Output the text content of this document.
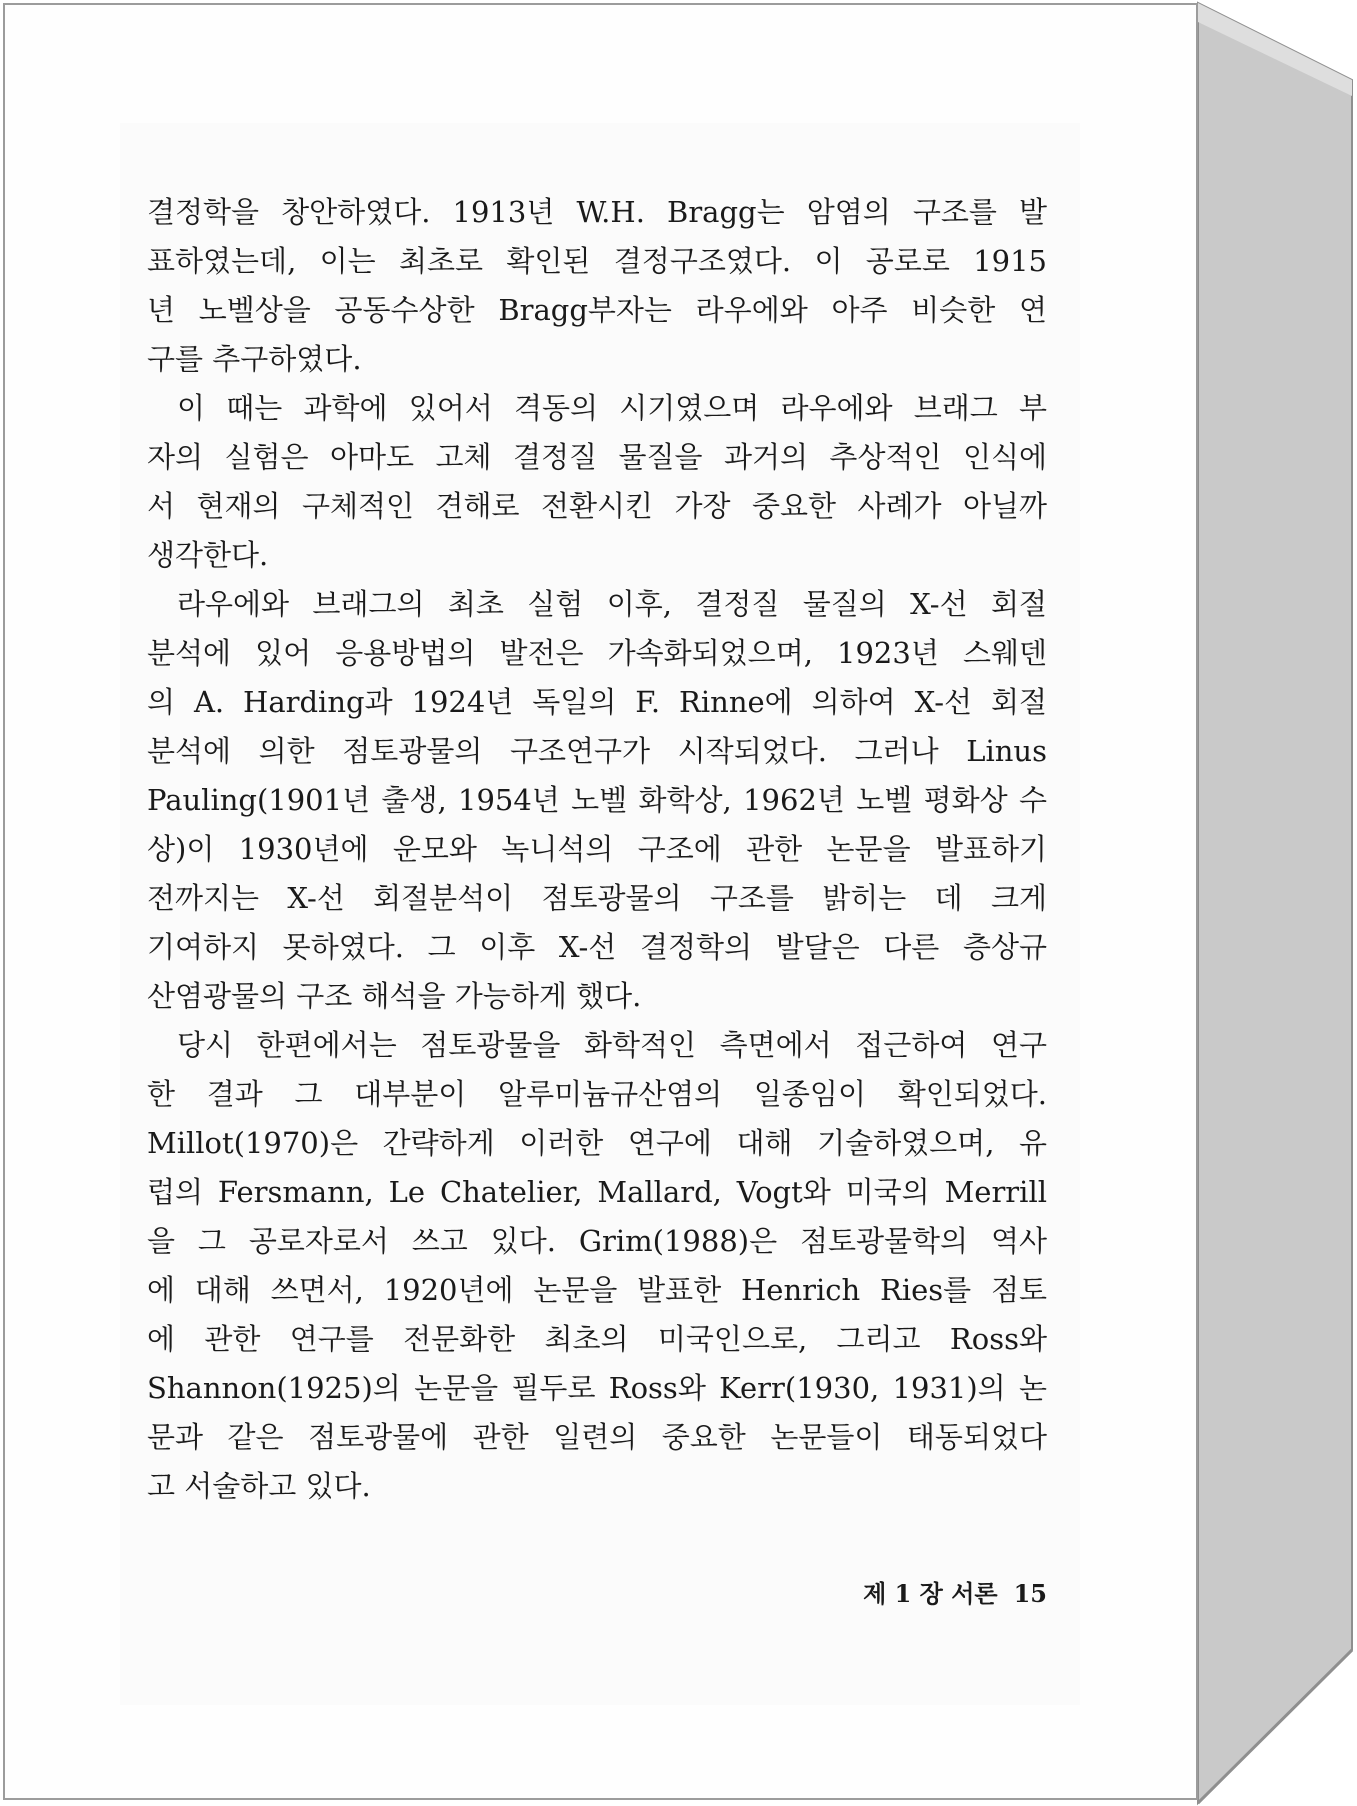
결정학을 창안하였다. 1913년 W.H. Bragg는 암염의 구조를 발
표하였는데, 이는 최초로 확인된 결정구조였다. 이 공로로 1915
년 노벨상을 공동수상한 Bragg부자는 라우에와 아주 비슷한 연
구를 추구하였다.
이 때는 과학에 있어서 격동의 시기였으며 라우에와 브래그 부
자의 실험은 아마도 고체 결정질 물질을 과거의 추상적인 인식에
서 현재의 구체적인 견해로 전환시킨 가장 중요한 사례가 아닐까
생각한다.
라우에와 브래그의 최초 실험 이후, 결정질 물질의 X-선 회절
분석에 있어 응용방법의 발전은 가속화되었으며, 1923년 스웨덴
의 A. Harding과 1924년 독일의 F. Rinne에 의하여 X-선 회절
분석에 의한 점토광물의 구조연구가 시작되었다. 그러나 Linus
Pauling(1901년 출생, 1954년 노벨 화학상, 1962년 노벨 평화상 수
상)이 1930년에 운모와 녹니석의 구조에 관한 논문을 발표하기
전까지는 X-선 회절분석이 점토광물의 구조를 밝히는 데 크게
기여하지 못하였다. 그 이후 X-선 결정학의 발달은 다른 층상규
산염광물의 구조 해석을 가능하게 했다.
당시 한편에서는 점토광물을 화학적인 측면에서 접근하여 연구
한 결과 그 대부분이 알루미늄규산염의 일종임이 확인되었다.
Millot(1970)은 간략하게 이러한 연구에 대해 기술하였으며, 유
럽의 Fersmann, Le Chatelier, Mallard, Vogt와 미국의 Merrill
을 그 공로자로서 쓰고 있다. Grim(1988)은 점토광물학의 역사
에 대해 쓰면서, 1920년에 논문을 발표한 Henrich Ries를 점토
에 관한 연구를 전문화한 최초의 미국인으로, 그리고 Ross와
Shannon(1925)의 논문을 필두로 Ross와 Kerr(1930, 1931)의 논
문과 같은 점토광물에 관한 일련의 중요한 논문들이 태동되었다
고 서술하고 있다.
제 1 장 서론 15
